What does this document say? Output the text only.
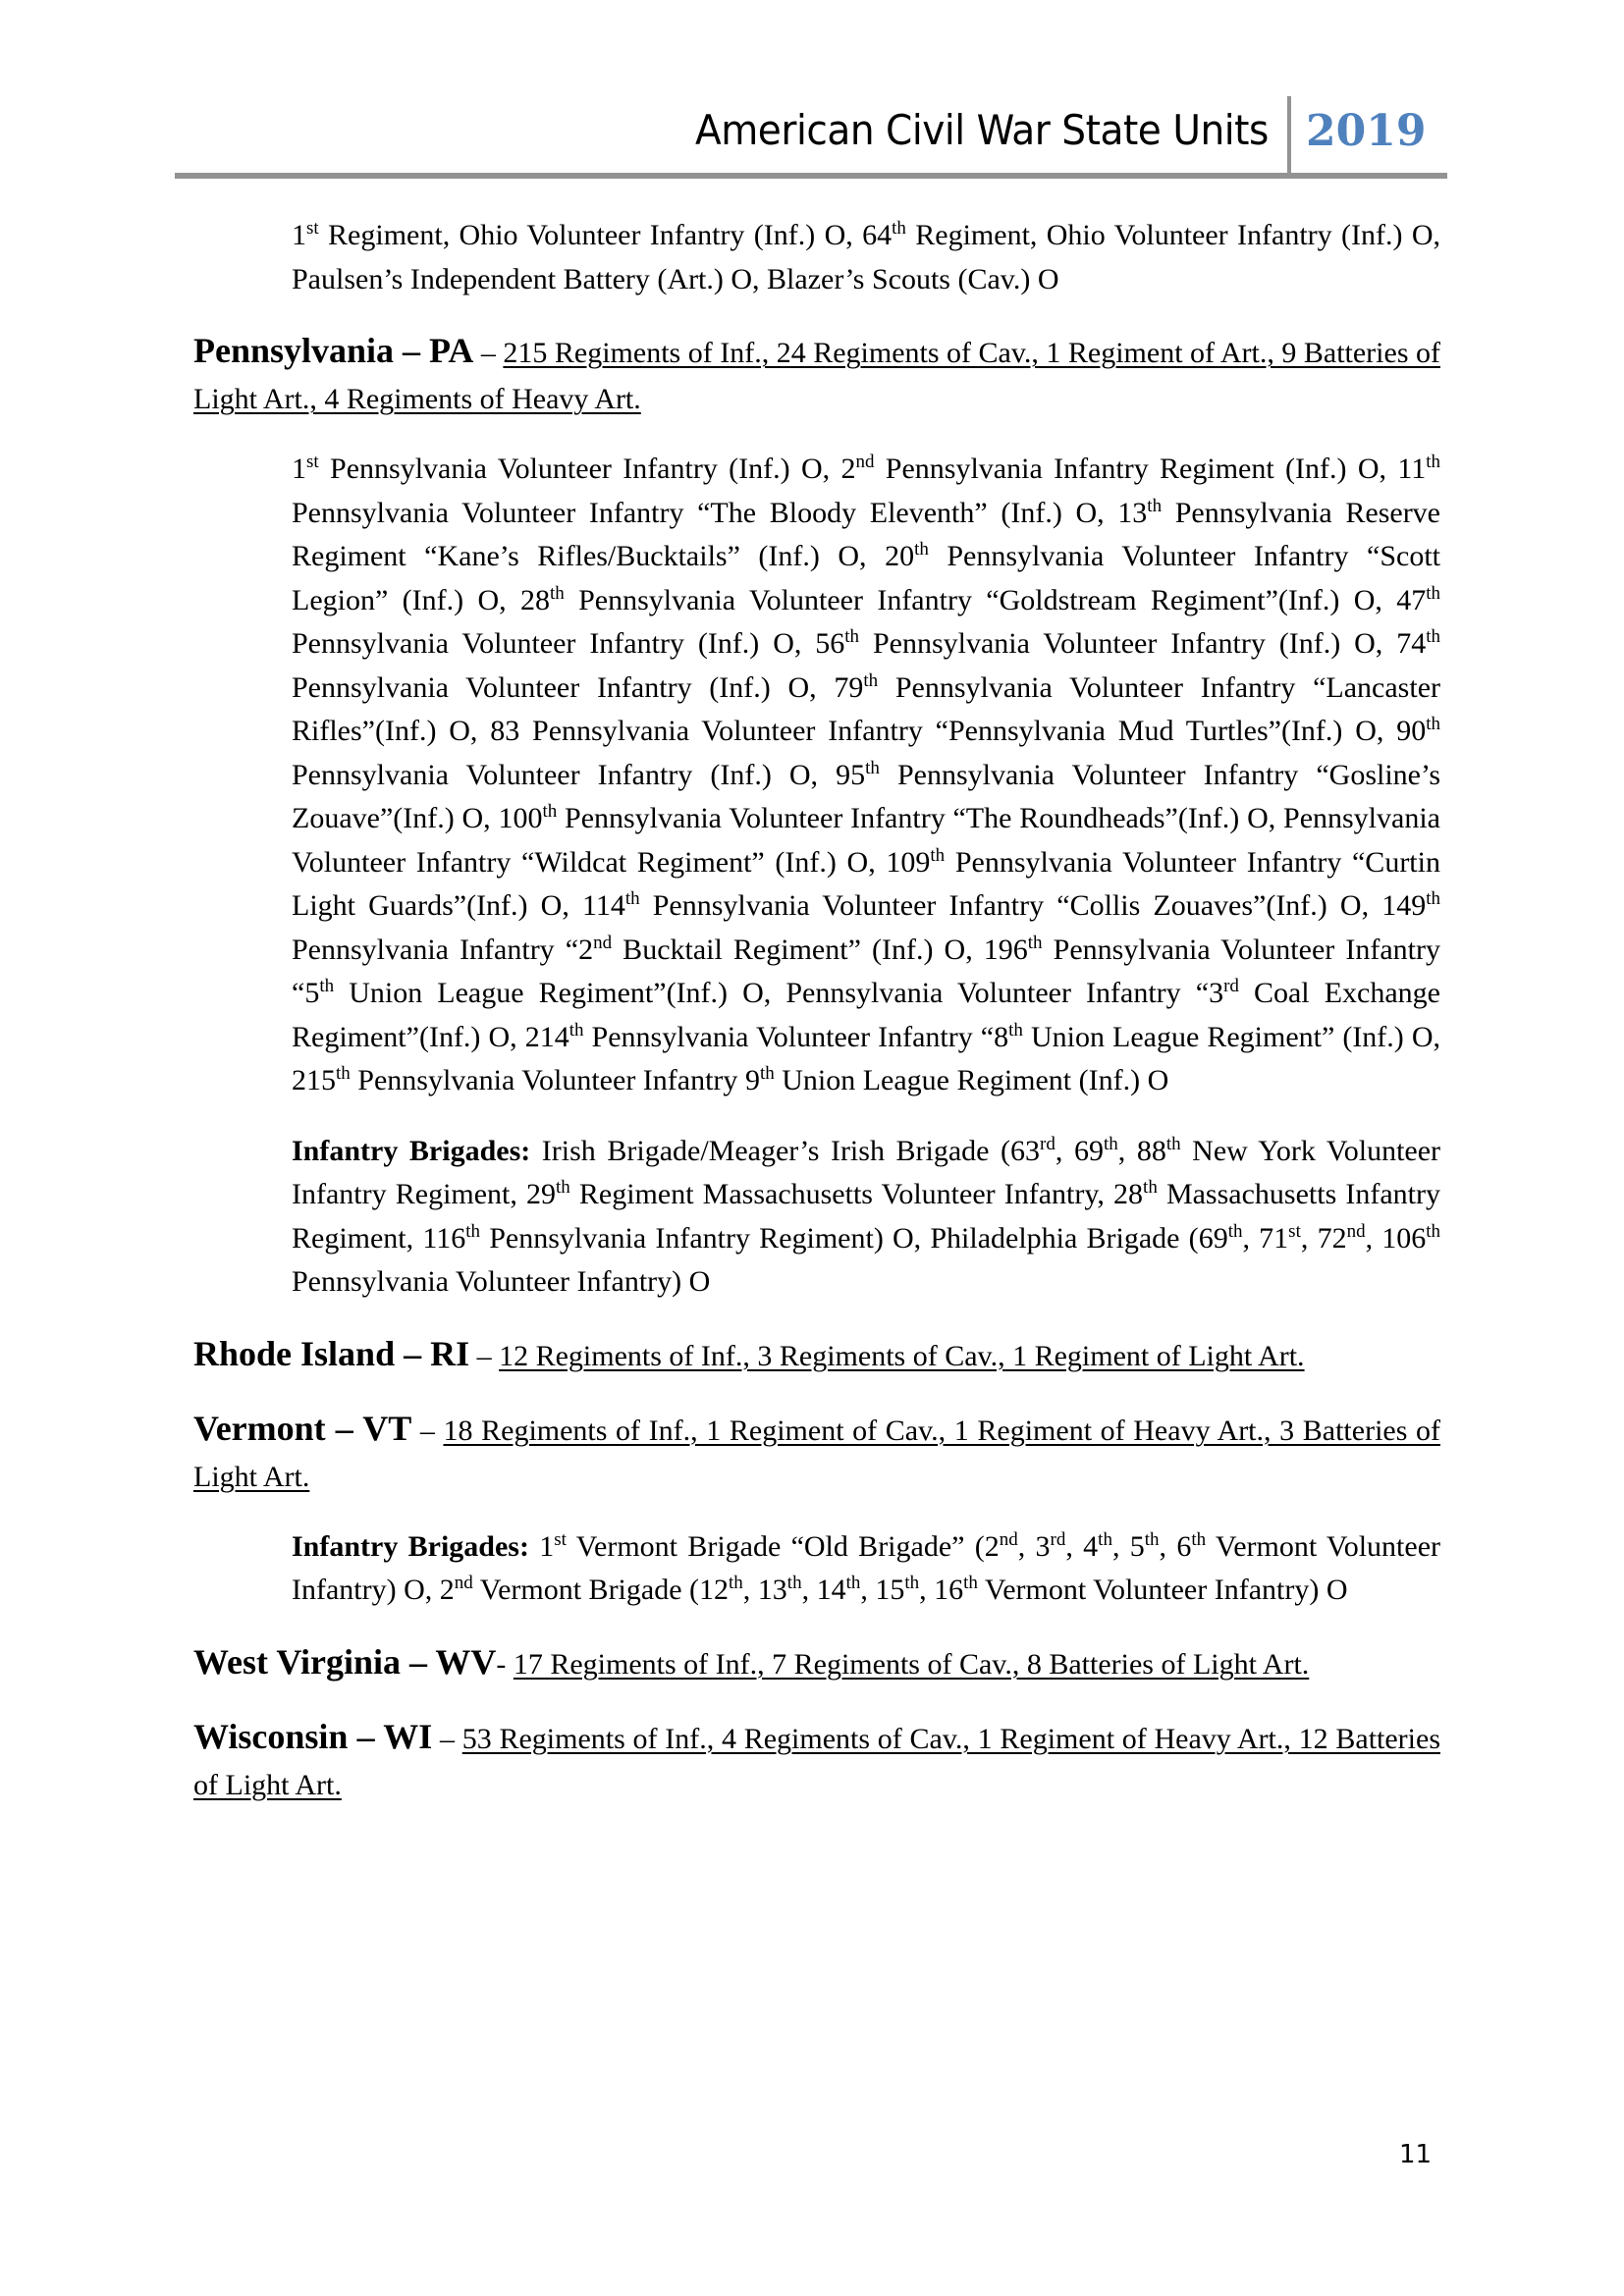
American Civil War State Units 2019

1st Regiment, Ohio Volunteer Infantry (Inf.) O, 64th Regiment, Ohio Volunteer Infantry (Inf.) O, Paulsen’s Independent Battery (Art.) O, Blazer’s Scouts (Cav.) O

Pennsylvania – PA – 215 Regiments of Inf., 24 Regiments of Cav., 1 Regiment of Art., 9 Batteries of Light Art., 4 Regiments of Heavy Art.

1st Pennsylvania Volunteer Infantry (Inf.) O, 2nd Pennsylvania Infantry Regiment (Inf.) O, 11th Pennsylvania Volunteer Infantry “The Bloody Eleventh” (Inf.) O, 13th Pennsylvania Reserve Regiment “Kane’s Rifles/Bucktails” (Inf.) O, 20th Pennsylvania Volunteer Infantry “Scott Legion” (Inf.) O, 28th Pennsylvania Volunteer Infantry “Goldstream Regiment”(Inf.) O, 47th Pennsylvania Volunteer Infantry (Inf.) O, 56th Pennsylvania Volunteer Infantry (Inf.) O, 74th Pennsylvania Volunteer Infantry (Inf.) O, 79th Pennsylvania Volunteer Infantry “Lancaster Rifles”(Inf.) O, 83 Pennsylvania Volunteer Infantry “Pennsylvania Mud Turtles”(Inf.) O, 90th Pennsylvania Volunteer Infantry (Inf.) O, 95th Pennsylvania Volunteer Infantry “Gosline’s Zouave”(Inf.) O, 100th Pennsylvania Volunteer Infantry “The Roundheads”(Inf.) O, Pennsylvania Volunteer Infantry “Wildcat Regiment” (Inf.) O, 109th Pennsylvania Volunteer Infantry “Curtin Light Guards”(Inf.) O, 114th Pennsylvania Volunteer Infantry “Collis Zouaves”(Inf.) O, 149th Pennsylvania Infantry “2nd Bucktail Regiment” (Inf.) O, 196th Pennsylvania Volunteer Infantry “5th Union League Regiment”(Inf.) O, Pennsylvania Volunteer Infantry “3rd Coal Exchange Regiment”(Inf.) O, 214th Pennsylvania Volunteer Infantry “8th Union League Regiment” (Inf.) O, 215th Pennsylvania Volunteer Infantry 9th Union League Regiment (Inf.) O

Infantry Brigades: Irish Brigade/Meager’s Irish Brigade (63rd, 69th, 88th New York Volunteer Infantry Regiment, 29th Regiment Massachusetts Volunteer Infantry, 28th Massachusetts Infantry Regiment, 116th Pennsylvania Infantry Regiment) O, Philadelphia Brigade (69th, 71st, 72nd, 106th Pennsylvania Volunteer Infantry) O

Rhode Island – RI – 12 Regiments of Inf., 3 Regiments of Cav., 1 Regiment of Light Art.

Vermont – VT – 18 Regiments of Inf., 1 Regiment of Cav., 1 Regiment of Heavy Art., 3 Batteries of Light Art.

Infantry Brigades: 1st Vermont Brigade “Old Brigade” (2nd, 3rd, 4th, 5th, 6th Vermont Volunteer Infantry) O, 2nd Vermont Brigade (12th, 13th, 14th, 15th, 16th Vermont Volunteer Infantry) O

West Virginia – WV- 17 Regiments of Inf., 7 Regiments of Cav., 8 Batteries of Light Art.

Wisconsin – WI – 53 Regiments of Inf., 4 Regiments of Cav., 1 Regiment of Heavy Art., 12 Batteries of Light Art.

11
